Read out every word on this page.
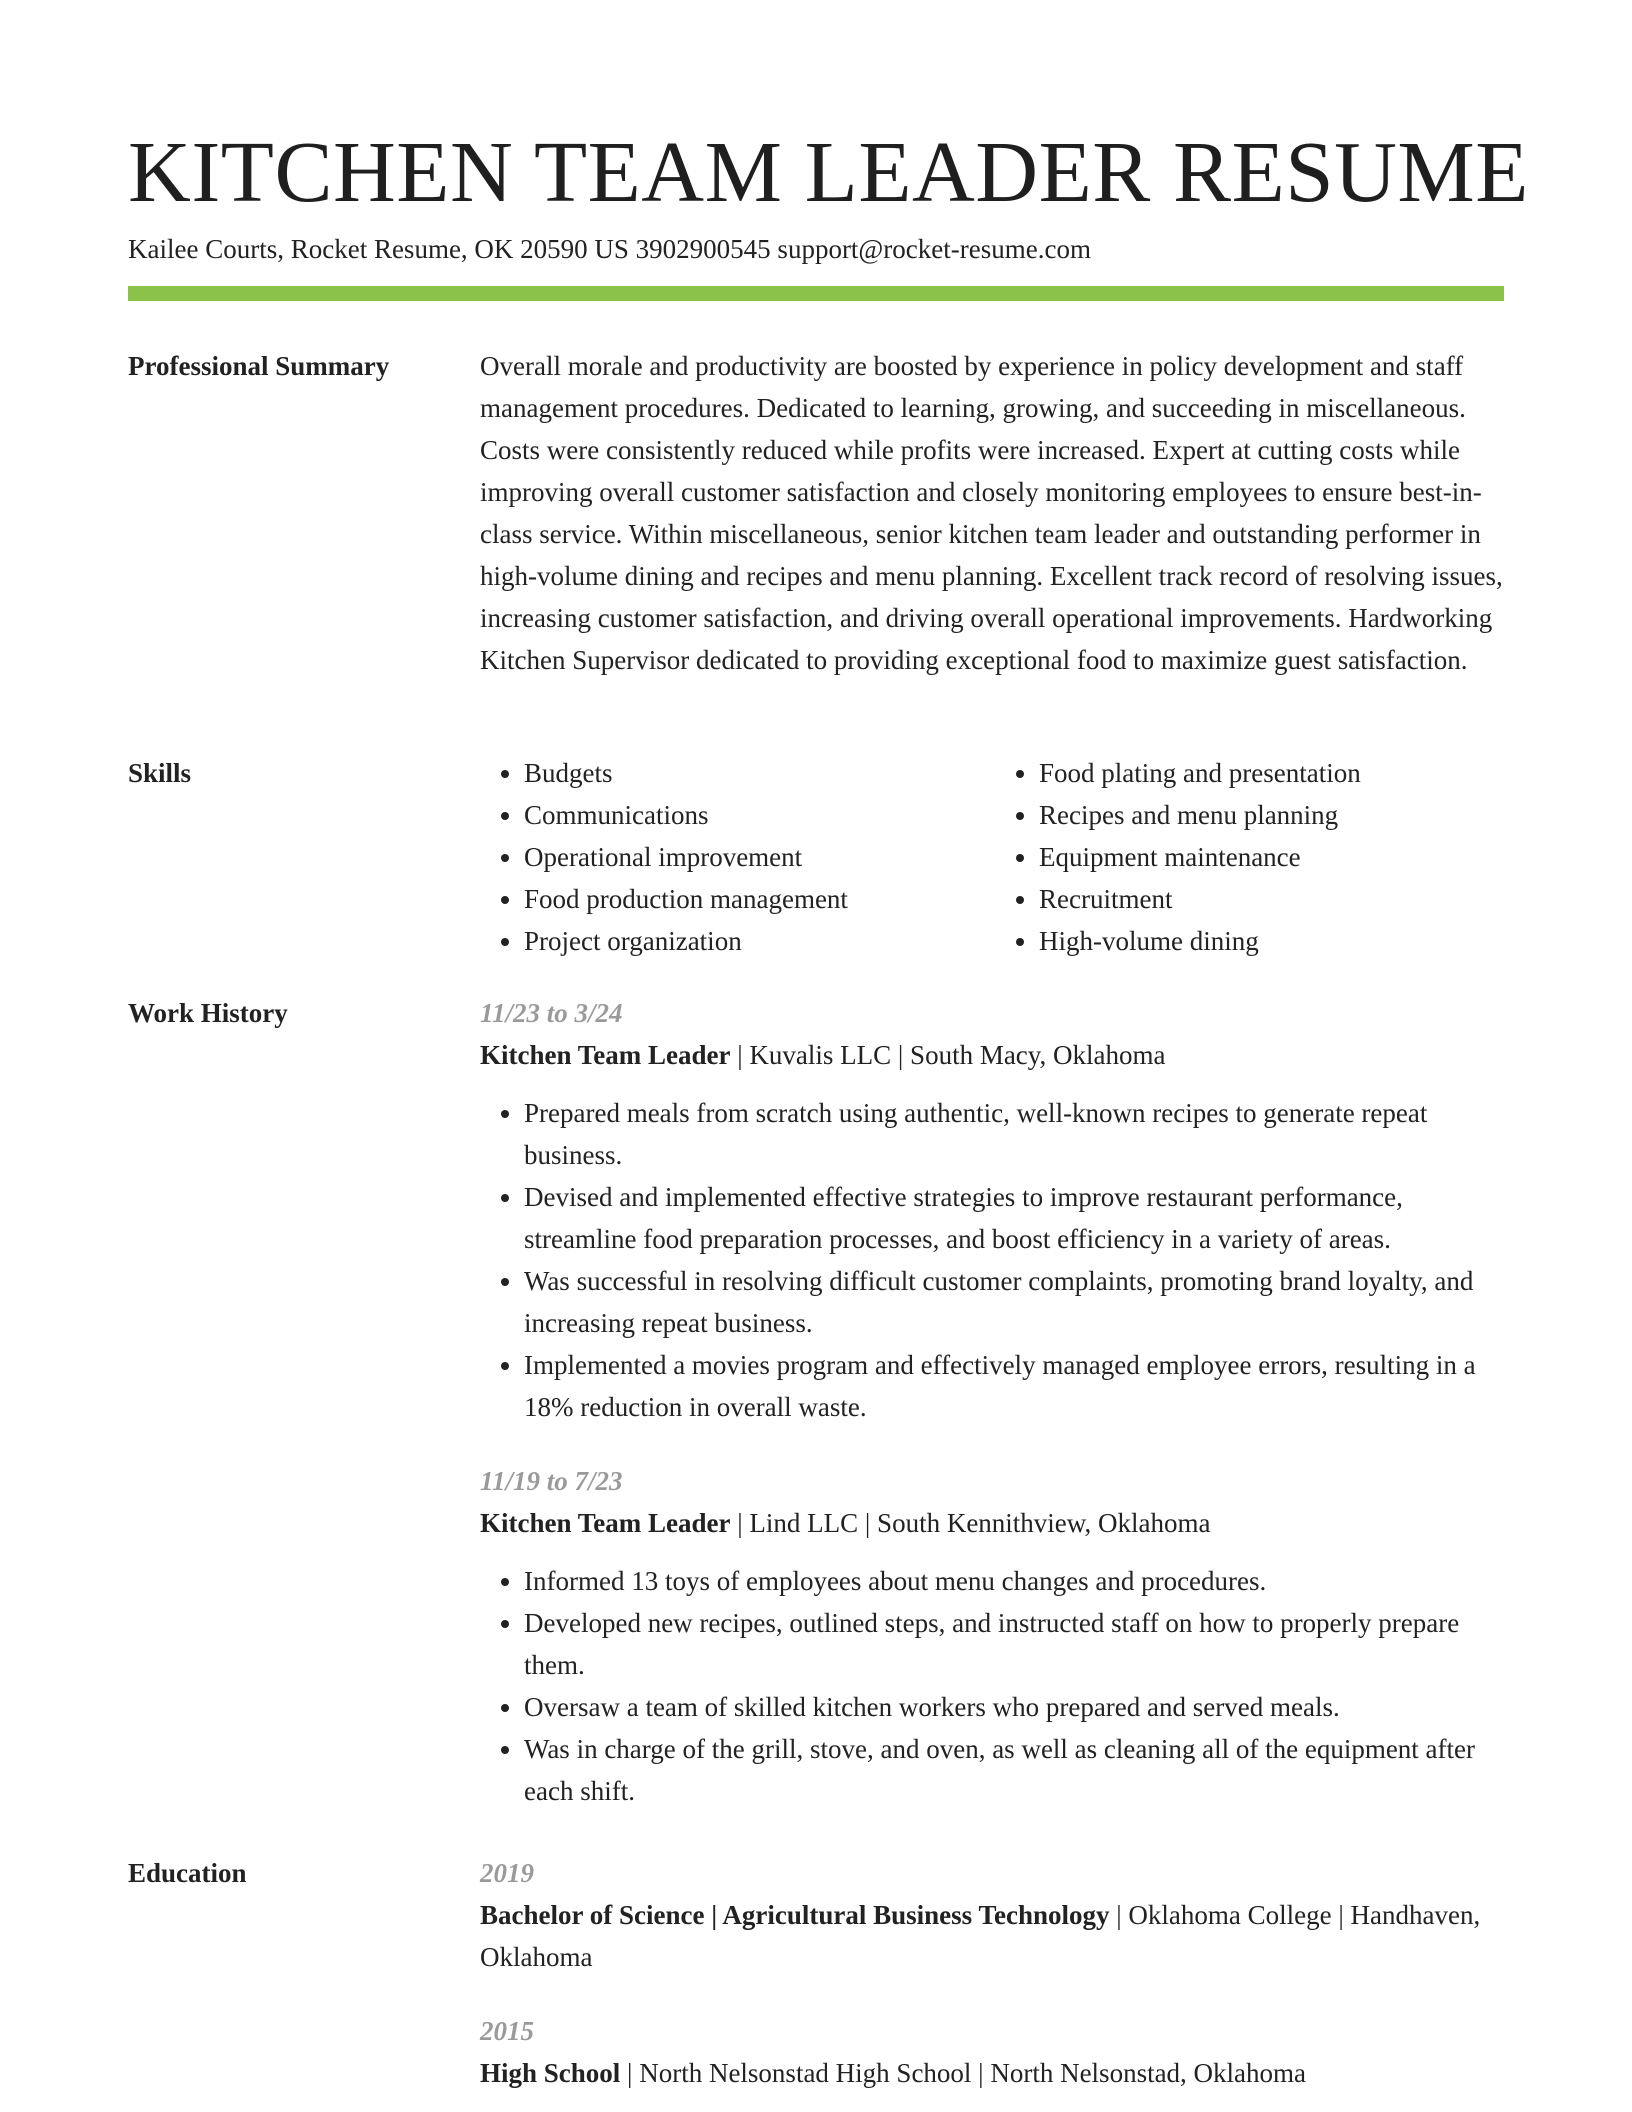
KITCHEN TEAM LEADER RESUME
Kailee Courts, Rocket Resume, OK 20590 US 3902900545 support@rocket-resume.com
Professional Summary	Overall morale and productivity are boosted by experience in policy development and staff management procedures. Dedicated to learning, growing, and succeeding in miscellaneous. Costs were consistently reduced while profits were increased. Expert at cutting costs while improving overall customer satisfaction and closely monitoring employees to ensure best-in-class service. Within miscellaneous, senior kitchen team leader and outstanding performer in high-volume dining and recipes and menu planning. Excellent track record of resolving issues, increasing customer satisfaction, and driving overall operational improvements. Hardworking Kitchen Supervisor dedicated to providing exceptional food to maximize guest satisfaction.

Skills
•	Budgets
• Communications
• Operational improvement
• Food production management
• Project organization
• Food plating and presentation
• Recipes and menu planning
• Equipment maintenance
• Recruitment
• High-volume dining
Work History	11/23 to 3/24
Kitchen Team Leader | Kuvalis LLC | South Macy, Oklahoma
• Prepared meals from scratch using authentic, well-known recipes to generate repeat business.
• Devised and implemented effective strategies to improve restaurant performance, streamline food preparation processes, and boost efficiency in a variety of areas.
• Was successful in resolving difficult customer complaints, promoting brand loyalty, and increasing repeat business.
• Implemented a movies program and effectively managed employee errors, resulting in a 18% reduction in overall waste.
11/19 to 7/23
Kitchen Team Leader | Lind LLC | South Kennithview, Oklahoma
• Informed 13 toys of employees about menu changes and procedures.
• Developed new recipes, outlined steps, and instructed staff on how to properly prepare them.
• Oversaw a team of skilled kitchen workers who prepared and served meals.
• Was in charge of the grill, stove, and oven, as well as cleaning all of the equipment after each shift.
Education	2019
Bachelor of Science | Agricultural Business Technology | Oklahoma College | Handhaven, Oklahoma
2015
High School | North Nelsonstad High School | North Nelsonstad, Oklahoma
